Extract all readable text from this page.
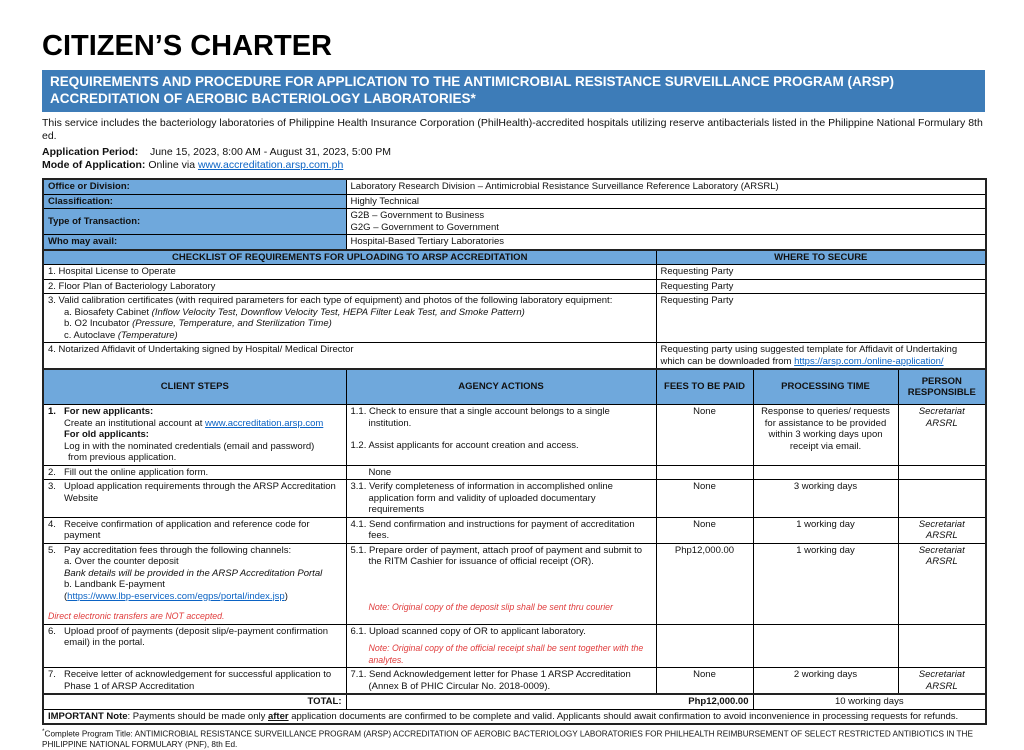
CITIZEN’S CHARTER
REQUIREMENTS AND PROCEDURE FOR APPLICATION TO THE ANTIMICROBIAL RESISTANCE SURVEILLANCE PROGRAM (ARSP) ACCREDITATION OF AEROBIC BACTERIOLOGY LABORATORIES*
This service includes the bacteriology laboratories of Philippine Health Insurance Corporation (PhilHealth)-accredited hospitals utilizing reserve antibacterials listed in the Philippine National Formulary 8th ed.
Application Period: June 15, 2023, 8:00 AM - August 31, 2023, 5:00 PM
Mode of Application: Online via www.accreditation.arsp.com.ph
Office or Division:	Laboratory Research Division – Antimicrobial Resistance Surveillance Reference Laboratory (ARSRL)			
Classification:	Highly Technical			
Type of Transaction:	G2B – Government to Business
G2G – Government to Government			

Who may avail:	Hospital-Based Tertiary Laboratories			
CHECKLIST OF REQUIREMENTS FOR UPLOADING TO ARSP ACCREDITATION		WHERE TO SECURE		
1. Hospital License to Operate		Requesting Party		
2. Floor Plan of Bacteriology Laboratory		Requesting Party		

3. Valid calibration certificates (with required parameters for each type of equipment) and photos of the following laboratory equipment:
a. Biosafety Cabinet (Inflow Velocity Test, Downflow Velocity Test, HEPA Filter Leak Test, and Smoke Pattern)
b. O2 Incubator (Pressure, Temperature, and Sterilization Time)
c. Autoclave (Temperature)		Requesting Party		
4. Notarized Affidavit of Undertaking signed by Hospital/ Medical Director		Requesting party using suggested template for Affidavit of Undertaking which can be downloaded from https://arsp.com./online-application/		
CLIENT STEPS	AGENCY ACTIONS	FEES TO BE PAID	PROCESSING TIME	PERSON RESPONSIBLE

1. For new applicants:
Create an institutional account at www.accreditation.arsp.com
For old applicants:
Log in with the nominated credentials (email and password)
from previous application.

1.1. Check to ensure that a single account belongs to a single institution.
1.2. Assist applicants for account creation and access.
	None	Response to queries/ requests for assistance to be provided within 3 working days upon receipt via email.	
Secretariat
ARSRL

2. Fill out the online application form.	None			

3. Upload application requirements through the ARSP Accreditation Website	3.1. Verify completeness of information in accomplished online application form and validity of uploaded documentary requirements	None	3 working days	

4. Receive confirmation of application and reference code for payment	4.1. Send confirmation and instructions for payment of accreditation fees.	None	1 working day	Secretariat
ARSRL

5. Pay accreditation fees through the following channels:
a. Over the counter deposit
Bank details will be provided in the ARSP Accreditation Portal
b. Landbank E-payment
(https://www.lbp-eservices.com/egps/portal/index.jsp)
Direct electronic transfers are NOT accepted.

5.1. Prepare order of payment, attach proof of payment and submit to the RITM Cashier for issuance of official receipt (OR).
Note: Original copy of the deposit slip shall be sent thru courier
	Php12,000.00	1 working day	Secretariat
ARSRL

6. Upload proof of payments (deposit slip/e-payment confirmation email) in the portal.	6.1. Upload scanned copy of OR to applicant laboratory.
Note: Original copy of the official receipt shall be sent together with the analytes.			

7. Receive letter of acknowledgement for successful application to Phase 1 of ARSP Accreditation	7.1. Send Acknowledgement letter for Phase 1 ARSP Accreditation (Annex B of PHIC Circular No. 2018-0009).	None	2 working days	Secretariat
ARSRL

TOTAL:	Php12,000.00		10 working days	
IMPORTANT Note: Payments should be made only after application documents are confirmed to be complete and valid. Applicants should await confirmation to avoid inconvenience in processing requests for refunds.				
*Complete Program Title: ANTIMICROBIAL RESISTANCE SURVEILLANCE PROGRAM (ARSP) ACCREDITATION OF AEROBIC BACTERIOLOGY LABORATORIES FOR PHILHEALTH REIMBURSEMENT OF SELECT RESTRICTED ANTIBIOTICS IN THE PHILIPPINE NATIONAL FORMULARY (PNF), 8th Ed.
